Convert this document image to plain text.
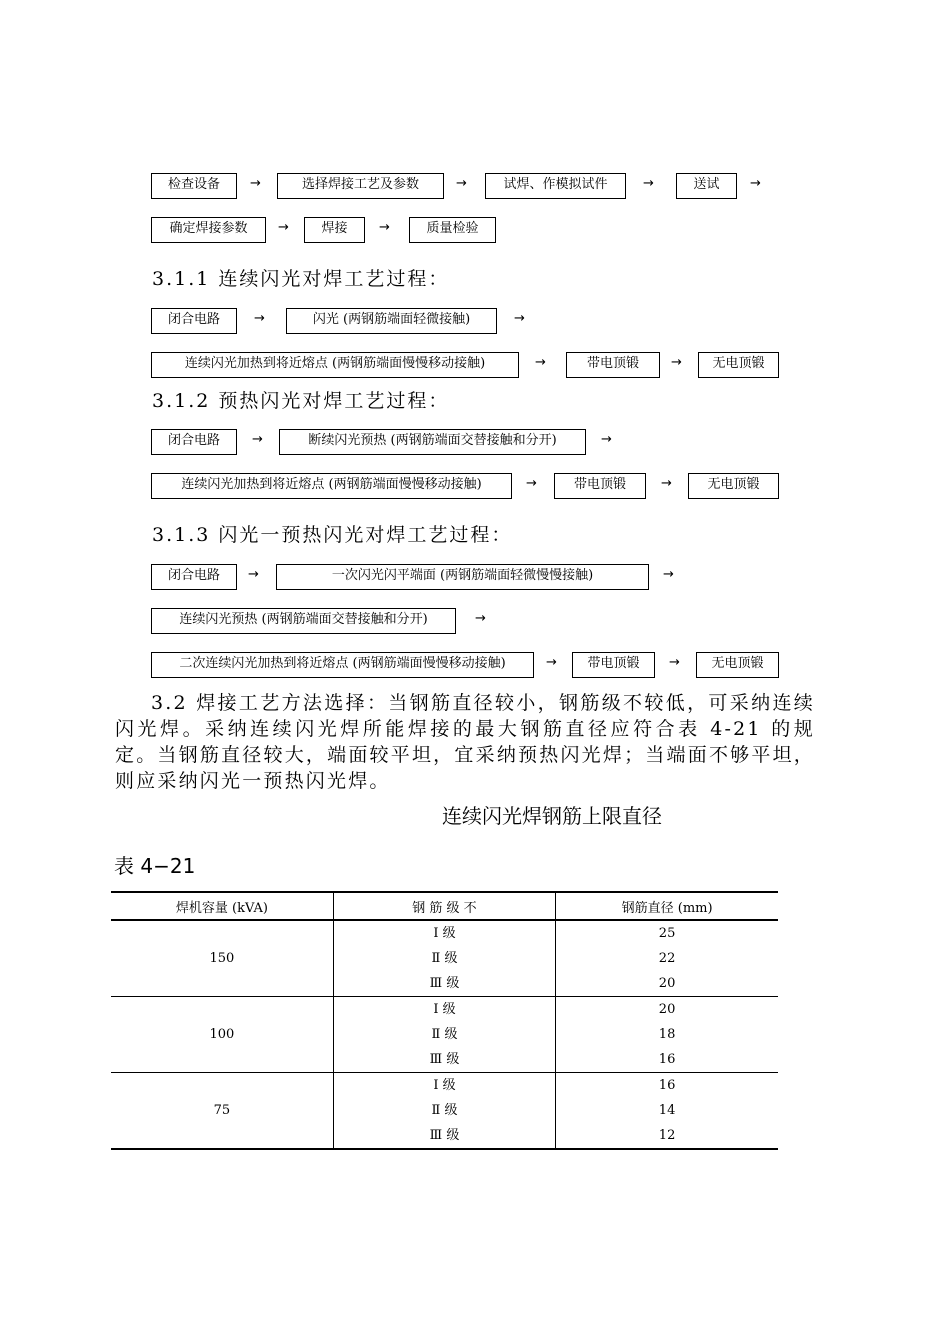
检查设备	→	选择焊接工艺及参数	→	试焊、作模拟试件	→	送试	→
确定焊接参数	→	焊接	→	质量检验
3.1.1 连续闪光对焊工艺过程：
闭合电路	→	闪光 (两钢筋端面轻微接触)	→
连续闪光加热到将近熔点 (两钢筋端面慢慢移动接触)	→	带电顶锻	→	无电顶锻
3.1.2 预热闪光对焊工艺过程：
闭合电路	→	断续闪光预热 (两钢筋端面交替接触和分开)	→
连续闪光加热到将近熔点 (两钢筋端面慢慢移动接触)	→	带电顶锻	→	无电顶锻
3.1.3 闪光一预热闪光对焊工艺过程：
闭合电路	→	一次闪光闪平端面 (两钢筋端面轻微慢慢接触)	→
连续闪光预热 (两钢筋端面交替接触和分开)	→
二次连续闪光加热到将近熔点 (两钢筋端面慢慢移动接触)	→	带电顶锻	→	无电顶锻

3.2 焊接工艺方法选择：当钢筋直径较小，钢筋级不较低，可采纳连续闪光焊。采纳连续闪光焊所能焊接的最大钢筋直径应符合表 4-21 的规定。当钢筋直径较大，端面较平坦，宜采纳预热闪光焊；当端面不够平坦，则应采纳闪光一预热闪光焊。

连续闪光焊钢筋上限直径
表 4−21
焊机容量 (kVA)	钢 筋 级 不	钢筋直径 (mm)
150	Ⅰ 级	25
	Ⅱ 级	22
	Ⅲ 级	20
100	Ⅰ 级	20
	Ⅱ 级	18
	Ⅲ 级	16
75	Ⅰ 级	16
	Ⅱ 级	14
	Ⅲ 级	12
